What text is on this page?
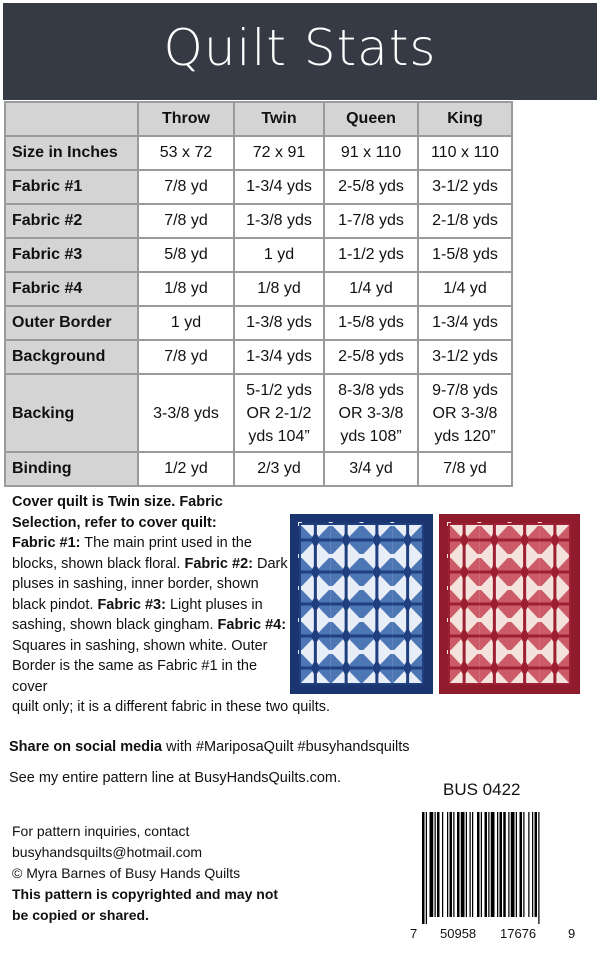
Quilt Stats
	Throw	Twin	Queen	King
Size in Inches	53 x 72	72 x 91	91 x 110	110 x 110
Fabric #1	7/8 yd	1-3/4 yds	2-5/8 yds	3-1/2 yds
Fabric #2	7/8 yd	1-3/8 yds	1-7/8 yds	2-1/8 yds
Fabric #3	5/8 yd	1 yd	1-1/2 yds	1-5/8 yds
Fabric #4	1/8 yd	1/8 yd	1/4 yd	1/4 yd
Outer Border	1 yd	1-3/8 yds	1-5/8 yds	1-3/4 yds
Background	7/8 yd	1-3/4 yds	2-5/8 yds	3-1/2 yds
Backing	3-3/8 yds	5-1/2 yds OR 2-1/2 yds 104”	8-3/8 yds OR 3-3/8 yds 108”	9-7/8 yds OR 3-3/8 yds 120”
Binding	1/2 yd	2/3 yd	3/4 yd	7/8 yd
Cover quilt is Twin size. Fabric Selection, refer to cover quilt:
Fabric #1: The main print used in the blocks, shown black floral. Fabric #2: Dark pluses in sashing, inner border, shown black pindot. Fabric #3: Light pluses in sashing, shown black gingham. Fabric #4: Squares in sashing, shown white. Outer Border is the same as Fabric #1 in the cover
quilt only; it is a different fabric in these two quilts.
Share on social media with #MariposaQuilt #busyhandsquilts
See my entire pattern line at BusyHandsQuilts.com.
BUS 0422
For pattern inquiries, contact
busyhandsquilts@hotmail.com
© Myra Barnes of Busy Hands Quilts
This pattern is copyrighted and may not
be copied or shared.
7 50958 17676 9
